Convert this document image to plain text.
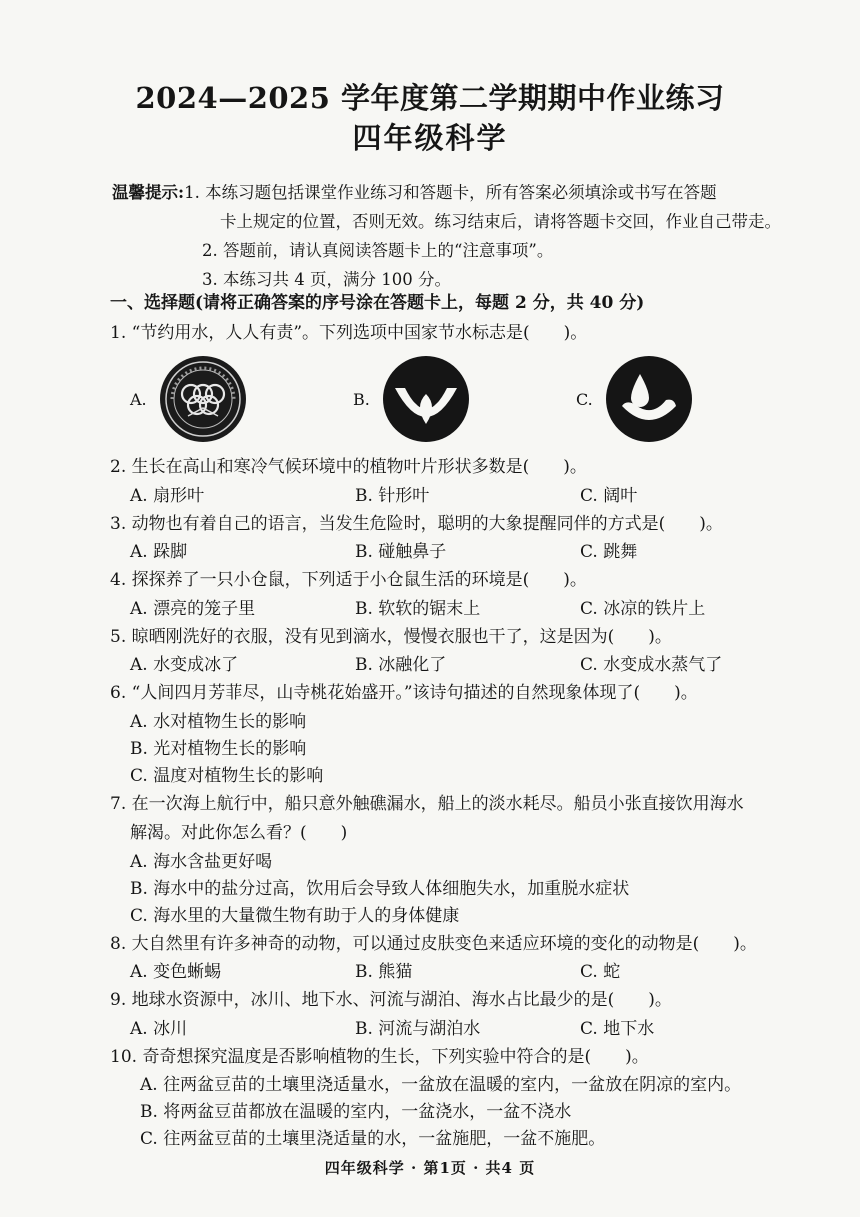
2024—2025 学年度第二学期期中作业练习
四年级科学
温馨提示:1. 本练习题包括课堂作业练习和答题卡，所有答案必须填涂或书写在答题
卡上规定的位置，否则无效。练习结束后，请将答题卡交回，作业自己带走。
2. 答题前，请认真阅读答题卡上的“注意事项”。
3. 本练习共 4 页，满分 100 分。
一、选择题(请将正确答案的序号涂在答题卡上，每题 2 分，共 40 分)
1. “节约用水，人人有责”。下列选项中国家节水标志是(　　)。
A.	B.	C.
2. 生长在高山和寒冷气候环境中的植物叶片形状多数是(　　)。
A. 扇形叶	B. 针形叶	C. 阔叶
3. 动物也有着自己的语言，当发生危险时，聪明的大象提醒同伴的方式是(　　)。
A. 跺脚	B. 碰触鼻子	C. 跳舞
4. 探探养了一只小仓鼠，下列适于小仓鼠生活的环境是(　　)。
A. 漂亮的笼子里	B. 软软的锯末上	C. 冰凉的铁片上
5. 晾晒刚洗好的衣服，没有见到滴水，慢慢衣服也干了，这是因为(　　)。
A. 水变成冰了	B. 冰融化了	C. 水变成水蒸气了
6. “人间四月芳菲尽，山寺桃花始盛开。”该诗句描述的自然现象体现了(　　)。
A. 水对植物生长的影响
B. 光对植物生长的影响
C. 温度对植物生长的影响
7. 在一次海上航行中，船只意外触礁漏水，船上的淡水耗尽。船员小张直接饮用海水
解渴。对此你怎么看？(　　)
A. 海水含盐更好喝
B. 海水中的盐分过高，饮用后会导致人体细胞失水，加重脱水症状
C. 海水里的大量微生物有助于人的身体健康
8. 大自然里有许多神奇的动物，可以通过皮肤变色来适应环境的变化的动物是(　　)。
A. 变色蜥蜴	B. 熊猫	C. 蛇
9. 地球水资源中，冰川、地下水、河流与湖泊、海水占比最少的是(　　)。
A. 冰川	B. 河流与湖泊水	C. 地下水
10. 奇奇想探究温度是否影响植物的生长，下列实验中符合的是(　　)。
A. 往两盆豆苗的土壤里浇适量水，一盆放在温暖的室内，一盆放在阴凉的室内。
B. 将两盆豆苗都放在温暖的室内，一盆浇水，一盆不浇水
C. 往两盆豆苗的土壤里浇适量的水，一盆施肥，一盆不施肥。
四年级科学 · 第1页 · 共4 页
